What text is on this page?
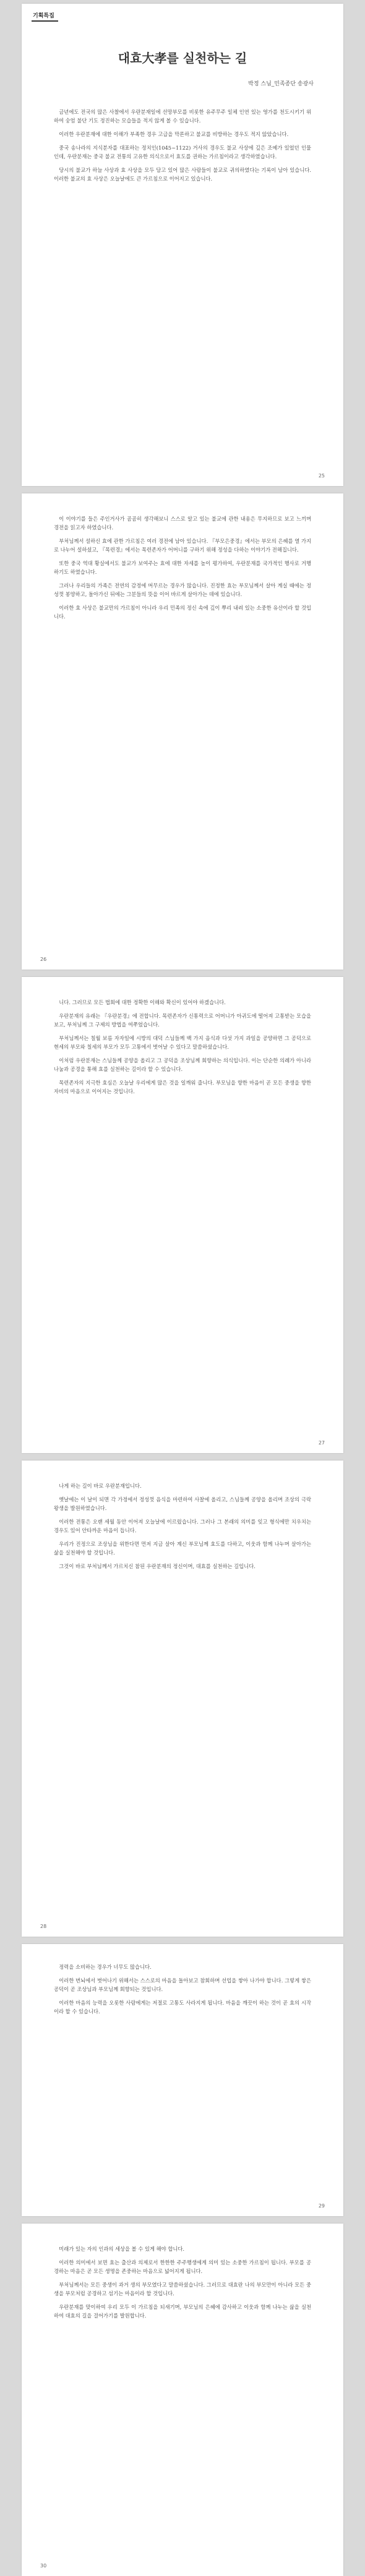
기획특집
대효大孝를 실천하는 길
박정 스님_민족종단 송광사

금년에도 전국의 많은 사찰에서 우란분재일에 선망부모를 비롯한 유주무주 일체 인연 있는 영가를 천도시키기 위하여 숭엄 불단 기도 정진하는 모습들을 적지 않게 볼 수 있습니다.

이러한 우란분재에 대한 이해가 부족한 경우 고급을 막론하고 불교를 비방하는 경우도 적지 않았습니다.

중국 송나라의 지식분자를 대표하는 정치인(1045~1122) 거사의 경우도 불교 사상에 깊은 조예가 있었던 인물인데, 우란분재는 중국 불교 전통의 고유한 의식으로서 효도를 권하는 가르침이라고 생각하였습니다.

당시의 불교가 하늘 사상과 효 사상을 모두 담고 있어 많은 사람들이 불교로 귀의하였다는 기록이 남아 있습니다. 이러한 불교의 효 사상은 오늘날에도 큰 가르침으로 이어지고 있습니다.

25

이 이야기를 들은 주인거사가 곰곰히 생각해보니 스스로 알고 있는 불교에 관한 내용은 무지하므로 보고 느끼며 경전을 읽고자 하였습니다.

부처님께서 설하신 효에 관한 가르침은 여러 경전에 남아 있습니다. 『부모은중경』에서는 부모의 은혜를 열 가지로 나누어 설하셨고, 『목련경』에서는 목련존자가 어머니를 구하기 위해 정성을 다하는 이야기가 전해집니다.

또한 중국 역대 황실에서도 불교가 보여주는 효에 대한 자세를 높이 평가하여, 우란분재를 국가적인 행사로 거행하기도 하였습니다.

그러나 우리들의 가족은 전연의 감정에 머무르는 경우가 많습니다. 진정한 효는 부모님께서 살아 계실 때에는 정성껏 봉양하고, 돌아가신 뒤에는 그분들의 뜻을 이어 바르게 살아가는 데에 있습니다.

이러한 효 사상은 불교만의 가르침이 아니라 우리 민족의 정신 속에 깊이 뿌리 내려 있는 소중한 유산이라 할 것입니다.

26

니다. 그러므로 모든 법회에 대한 정확한 이해와 확신이 있어야 하겠습니다.

우란분재의 유래는 『우란분경』에 전합니다. 목련존자가 신통력으로 어머니가 아귀도에 떨어져 고통받는 모습을 보고, 부처님께 그 구제의 방법을 여쭈었습니다.

부처님께서는 칠월 보름 자자일에 시방의 대덕 스님들께 백 가지 음식과 다섯 가지 과일을 공양하면 그 공덕으로 현세의 부모와 칠세의 부모가 모두 고통에서 벗어날 수 있다고 말씀하셨습니다.

이처럼 우란분재는 스님들께 공양을 올리고 그 공덕을 조상님께 회향하는 의식입니다. 이는 단순한 의례가 아니라 나눔과 공경을 통해 효를 실천하는 길이라 할 수 있습니다.

목련존자의 지극한 효심은 오늘날 우리에게 많은 것을 일깨워 줍니다. 부모님을 향한 마음이 곧 모든 중생을 향한 자비의 마음으로 이어지는 것입니다.

27

나게 하는 길이 바로 우란분재입니다.

옛날에는 이 날이 되면 각 가정에서 정성껏 음식을 마련하여 사찰에 올리고, 스님들께 공양을 올리며 조상의 극락왕생을 발원하였습니다.

이러한 전통은 오랜 세월 동안 이어져 오늘날에 이르렀습니다. 그러나 그 본래의 의미를 잊고 형식에만 치우치는 경우도 있어 안타까운 마음이 듭니다.

우리가 진정으로 조상님을 위한다면 먼저 지금 살아 계신 부모님께 효도를 다하고, 이웃과 함께 나누며 살아가는 삶을 실천해야 할 것입니다.

그것이 바로 부처님께서 가르치신 참된 우란분재의 정신이며, 대효를 실천하는 길입니다.

28

정력을 소비하는 경우가 너무도 많습니다.

이러한 번뇌에서 벗어나기 위해서는 스스로의 마음을 돌아보고 참회하며 선업을 쌓아 나가야 합니다. 그렇게 쌓은 공덕이 곧 조상님과 부모님께 회향되는 것입니다.

이러한 마음의 능력을 오롯한 사람에게는 저절로 고통도 사라지게 됩니다. 마음을 깨끗이 하는 것이 곧 효의 시작이라 할 수 있습니다.

29

미래가 있는 자의 인과의 세상을 볼 수 있게 해야 합니다.

이러한 의미에서 보면 효는 출산과 의제로서 한한한 주주행생에게 의미 있는 소중한 가르침이 됩니다. 부모를 공경하는 마음은 곧 모든 생명을 존중하는 마음으로 넓어지게 됩니다.

부처님께서는 모든 중생이 과거 생의 부모였다고 말씀하셨습니다. 그러므로 대효란 나의 부모만이 아니라 모든 중생을 부모처럼 공경하고 섬기는 마음이라 할 것입니다.

우란분재를 맞이하여 우리 모두 이 가르침을 되새기며, 부모님의 은혜에 감사하고 이웃과 함께 나누는 삶을 실천하여 대효의 길을 걸어가기를 발원합니다.

30
